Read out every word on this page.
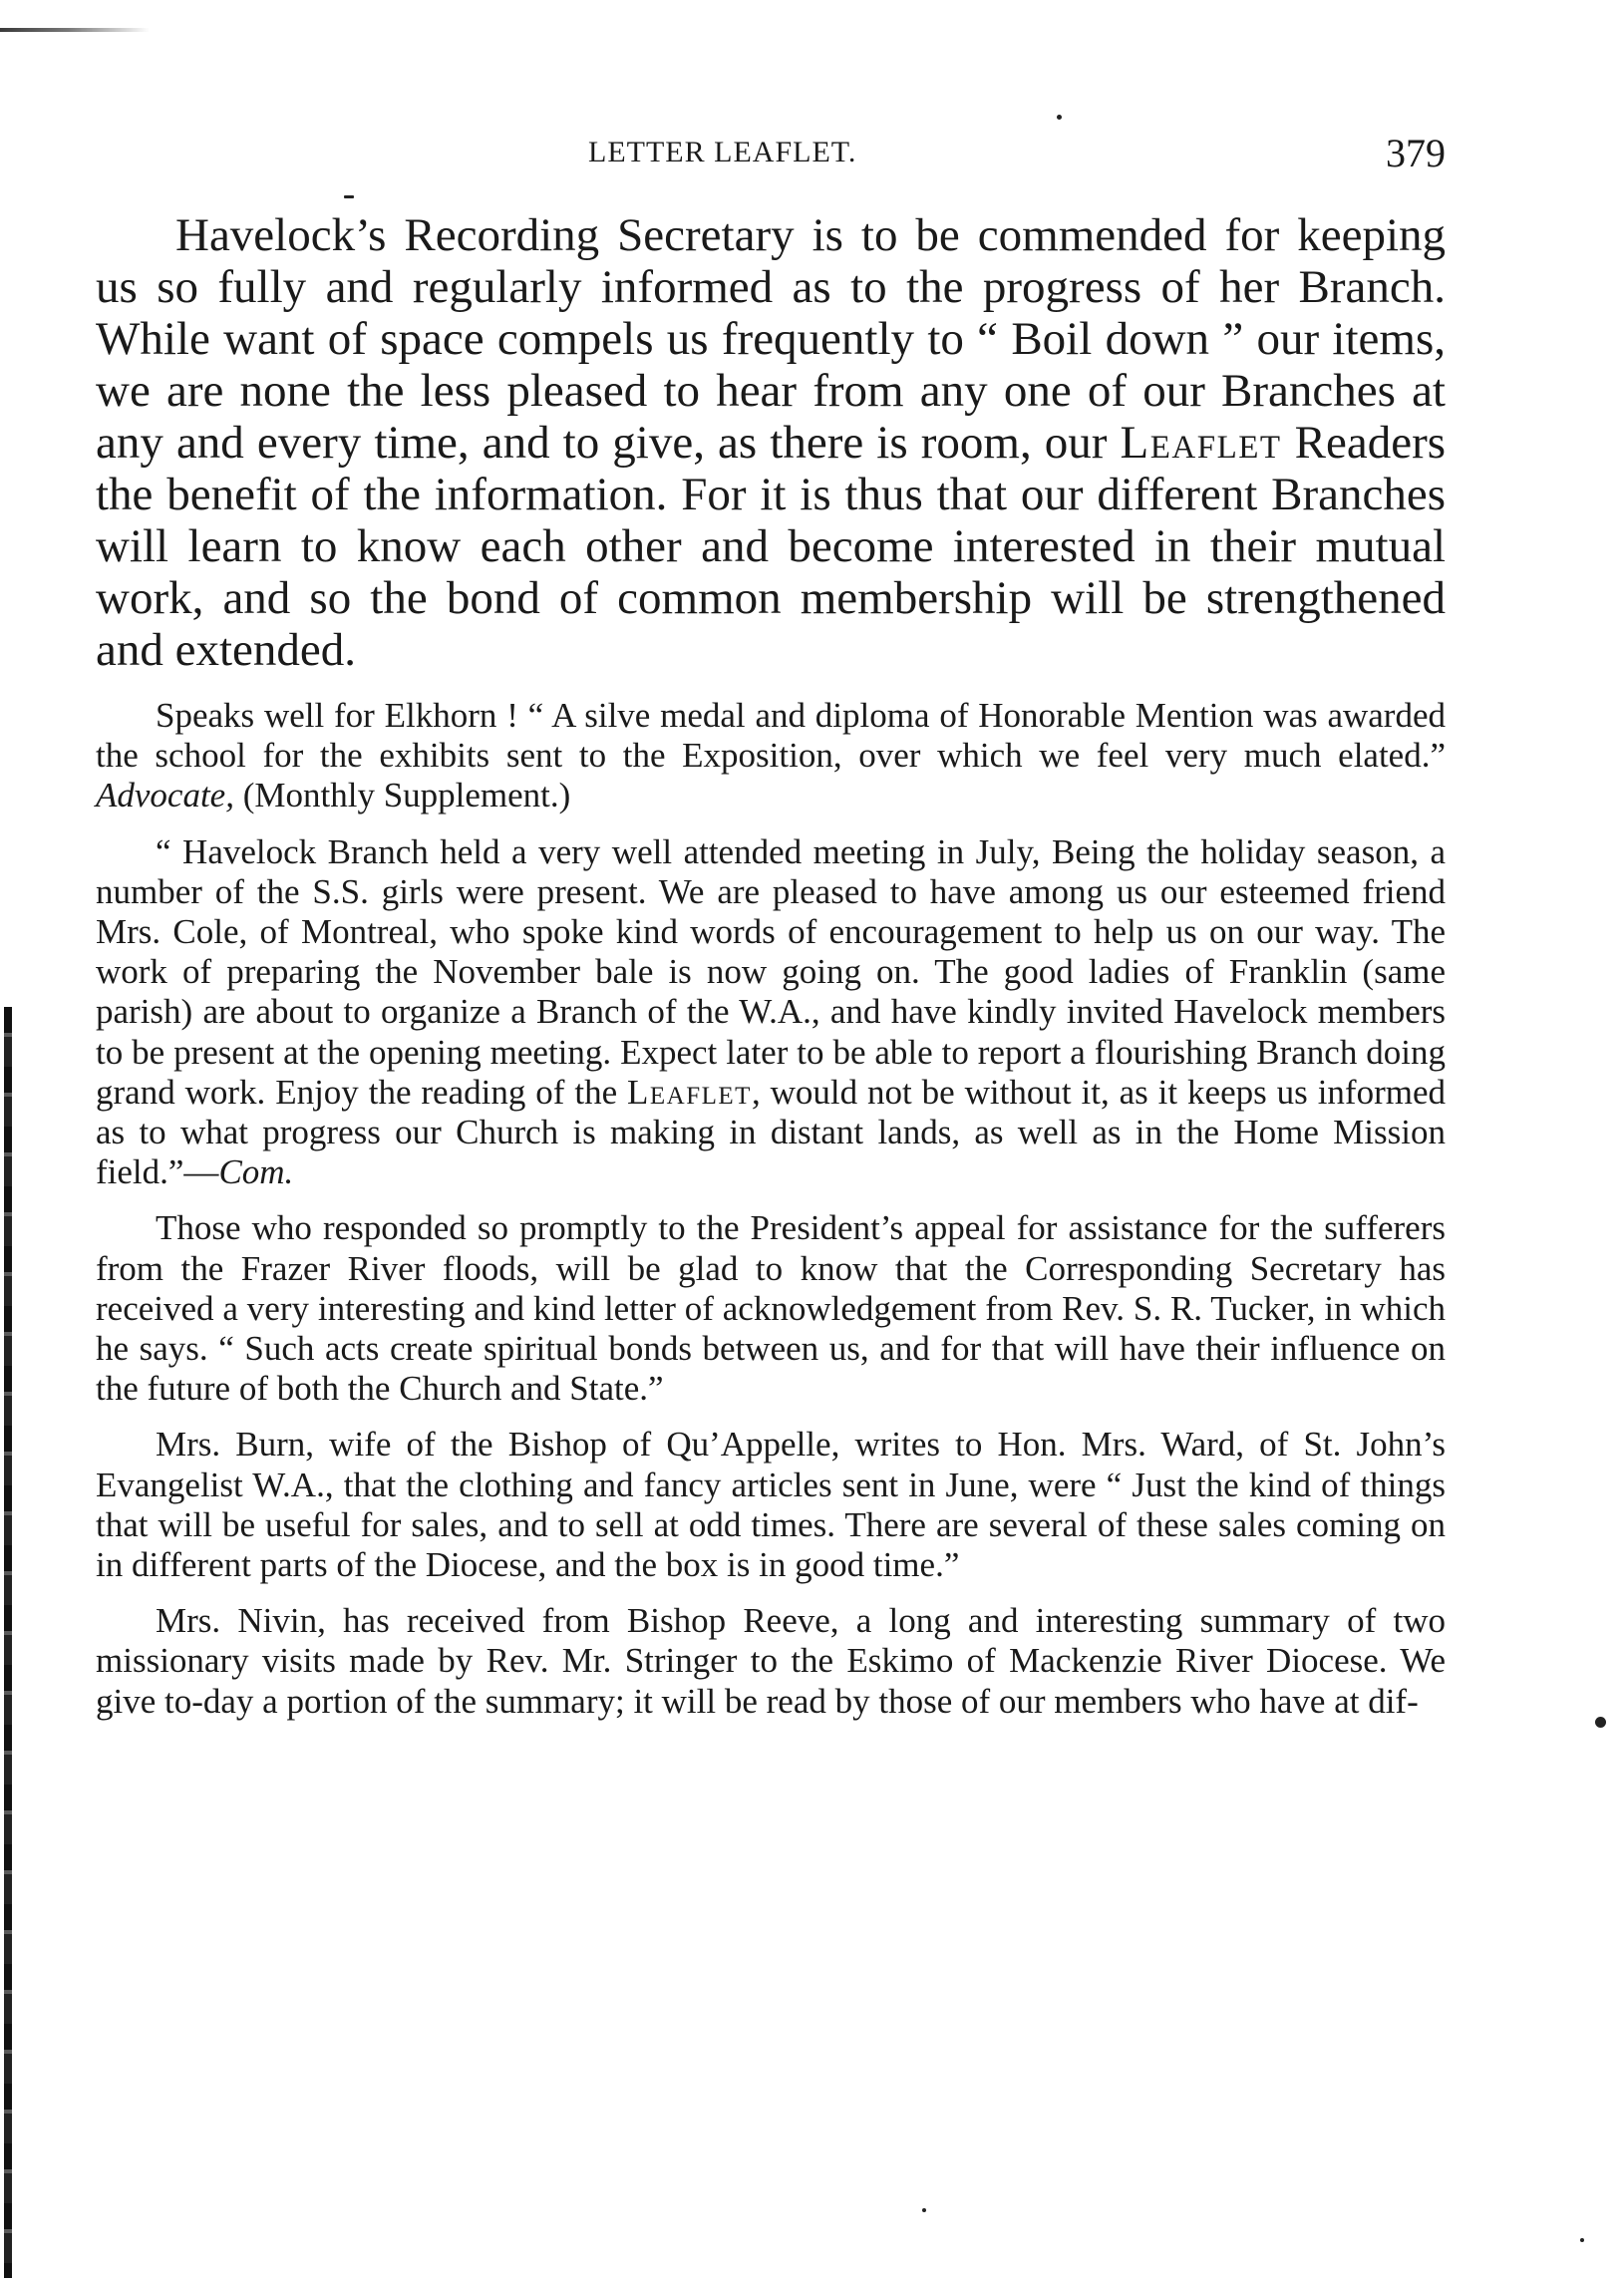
LETTER LEAFLET.	379

Havelock’s Recording Secretary is to be commended for keeping us so fully and regularly informed as to the progress of her Branch. While want of space compels us frequently to “ Boil down ” our items, we are none the less pleased to hear from any one of our Branches at any and every time, and to give, as there is room, our Leaflet Readers the benefit of the information. For it is thus that our different Branches will learn to know each other and become interested in their mutual work, and so the bond of common membership will be strengthened and extended.

Speaks well for Elkhorn ! “ A silve medal and diploma of Honorable Mention was awarded the school for the exhibits sent to the Exposition, over which we feel very much elated.” Advocate, (Monthly Supplement.)

“ Havelock Branch held a very well attended meeting in July, Being the holiday season, a number of the S.S. girls were present. We are pleased to have among us our esteemed friend Mrs. Cole, of Montreal, who spoke kind words of encouragement to help us on our way. The work of preparing the November bale is now going on. The good ladies of Franklin (same parish) are about to organize a Branch of the W.A., and have kindly invited Havelock members to be present at the opening meeting. Expect later to be able to report a flourishing Branch doing grand work. Enjoy the reading of the Leaflet, would not be without it, as it keeps us informed as to what progress our Church is making in distant lands, as well as in the Home Mission field.”—Com.

Those who responded so promptly to the President’s appeal for assistance for the sufferers from the Frazer River floods, will be glad to know that the Corresponding Secretary has received a very interesting and kind letter of acknowledgement from Rev. S. R. Tucker, in which he says. “ Such acts create spiritual bonds between us, and for that will have their influence on the future of both the Church and State.”

Mrs. Burn, wife of the Bishop of Qu’Appelle, writes to Hon. Mrs. Ward, of St. John’s Evangelist W.A., that the clothing and fancy articles sent in June, were “ Just the kind of things that will be useful for sales, and to sell at odd times. There are several of these sales coming on in different parts of the Diocese, and the box is in good time.”

Mrs. Nivin, has received from Bishop Reeve, a long and interesting summary of two missionary visits made by Rev. Mr. Stringer to the Eskimo of Mackenzie River Diocese. We give to-day a portion of the summary; it will be read by those of our members who have at dif-
